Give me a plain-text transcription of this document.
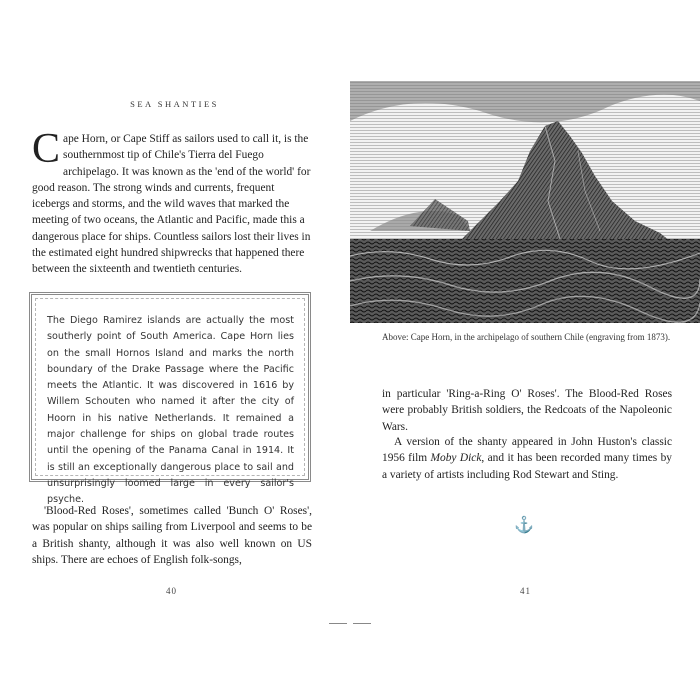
SEA SHANTIES

Cape Horn, or Cape Stiff as sailors used to call it, is the southernmost tip of Chile's Tierra del Fuego archipelago. It was known as the 'end of the world' for good reason. The strong winds and currents, frequent icebergs and storms, and the wild waves that marked the meeting of two oceans, the Atlantic and Pacific, made this a dangerous place for ships. Countless sailors lost their lives in the estimated eight hundred shipwrecks that happened there between the sixteenth and twentieth centuries.

The Diego Ramirez islands are actually the most southerly point of South America. Cape Horn lies on the small Hornos Island and marks the north boundary of the Drake Passage where the Pacific meets the Atlantic. It was discovered in 1616 by Willem Schouten who named it after the city of Hoorn in his native Netherlands. It remained a major challenge for ships on global trade routes until the opening of the Panama Canal in 1914. It is still an exceptionally dangerous place to sail and unsurprisingly loomed large in every sailor's psyche.

'Blood-Red Roses', sometimes called 'Bunch O' Roses', was popular on ships sailing from Liverpool and seems to be a British shanty, although it was also well known on US ships. There are echoes of English folk-songs,

40

Above: Cape Horn, in the archipelago of southern Chile (engraving from 1873).

in particular 'Ring-a-Ring O' Roses'. The Blood-Red Roses were probably British soldiers, the Redcoats of the Napoleonic Wars.

A version of the shanty appeared in John Huston's classic 1956 film Moby Dick, and it has been recorded many times by a variety of artists including Rod Stewart and Sting.

⚓
41
